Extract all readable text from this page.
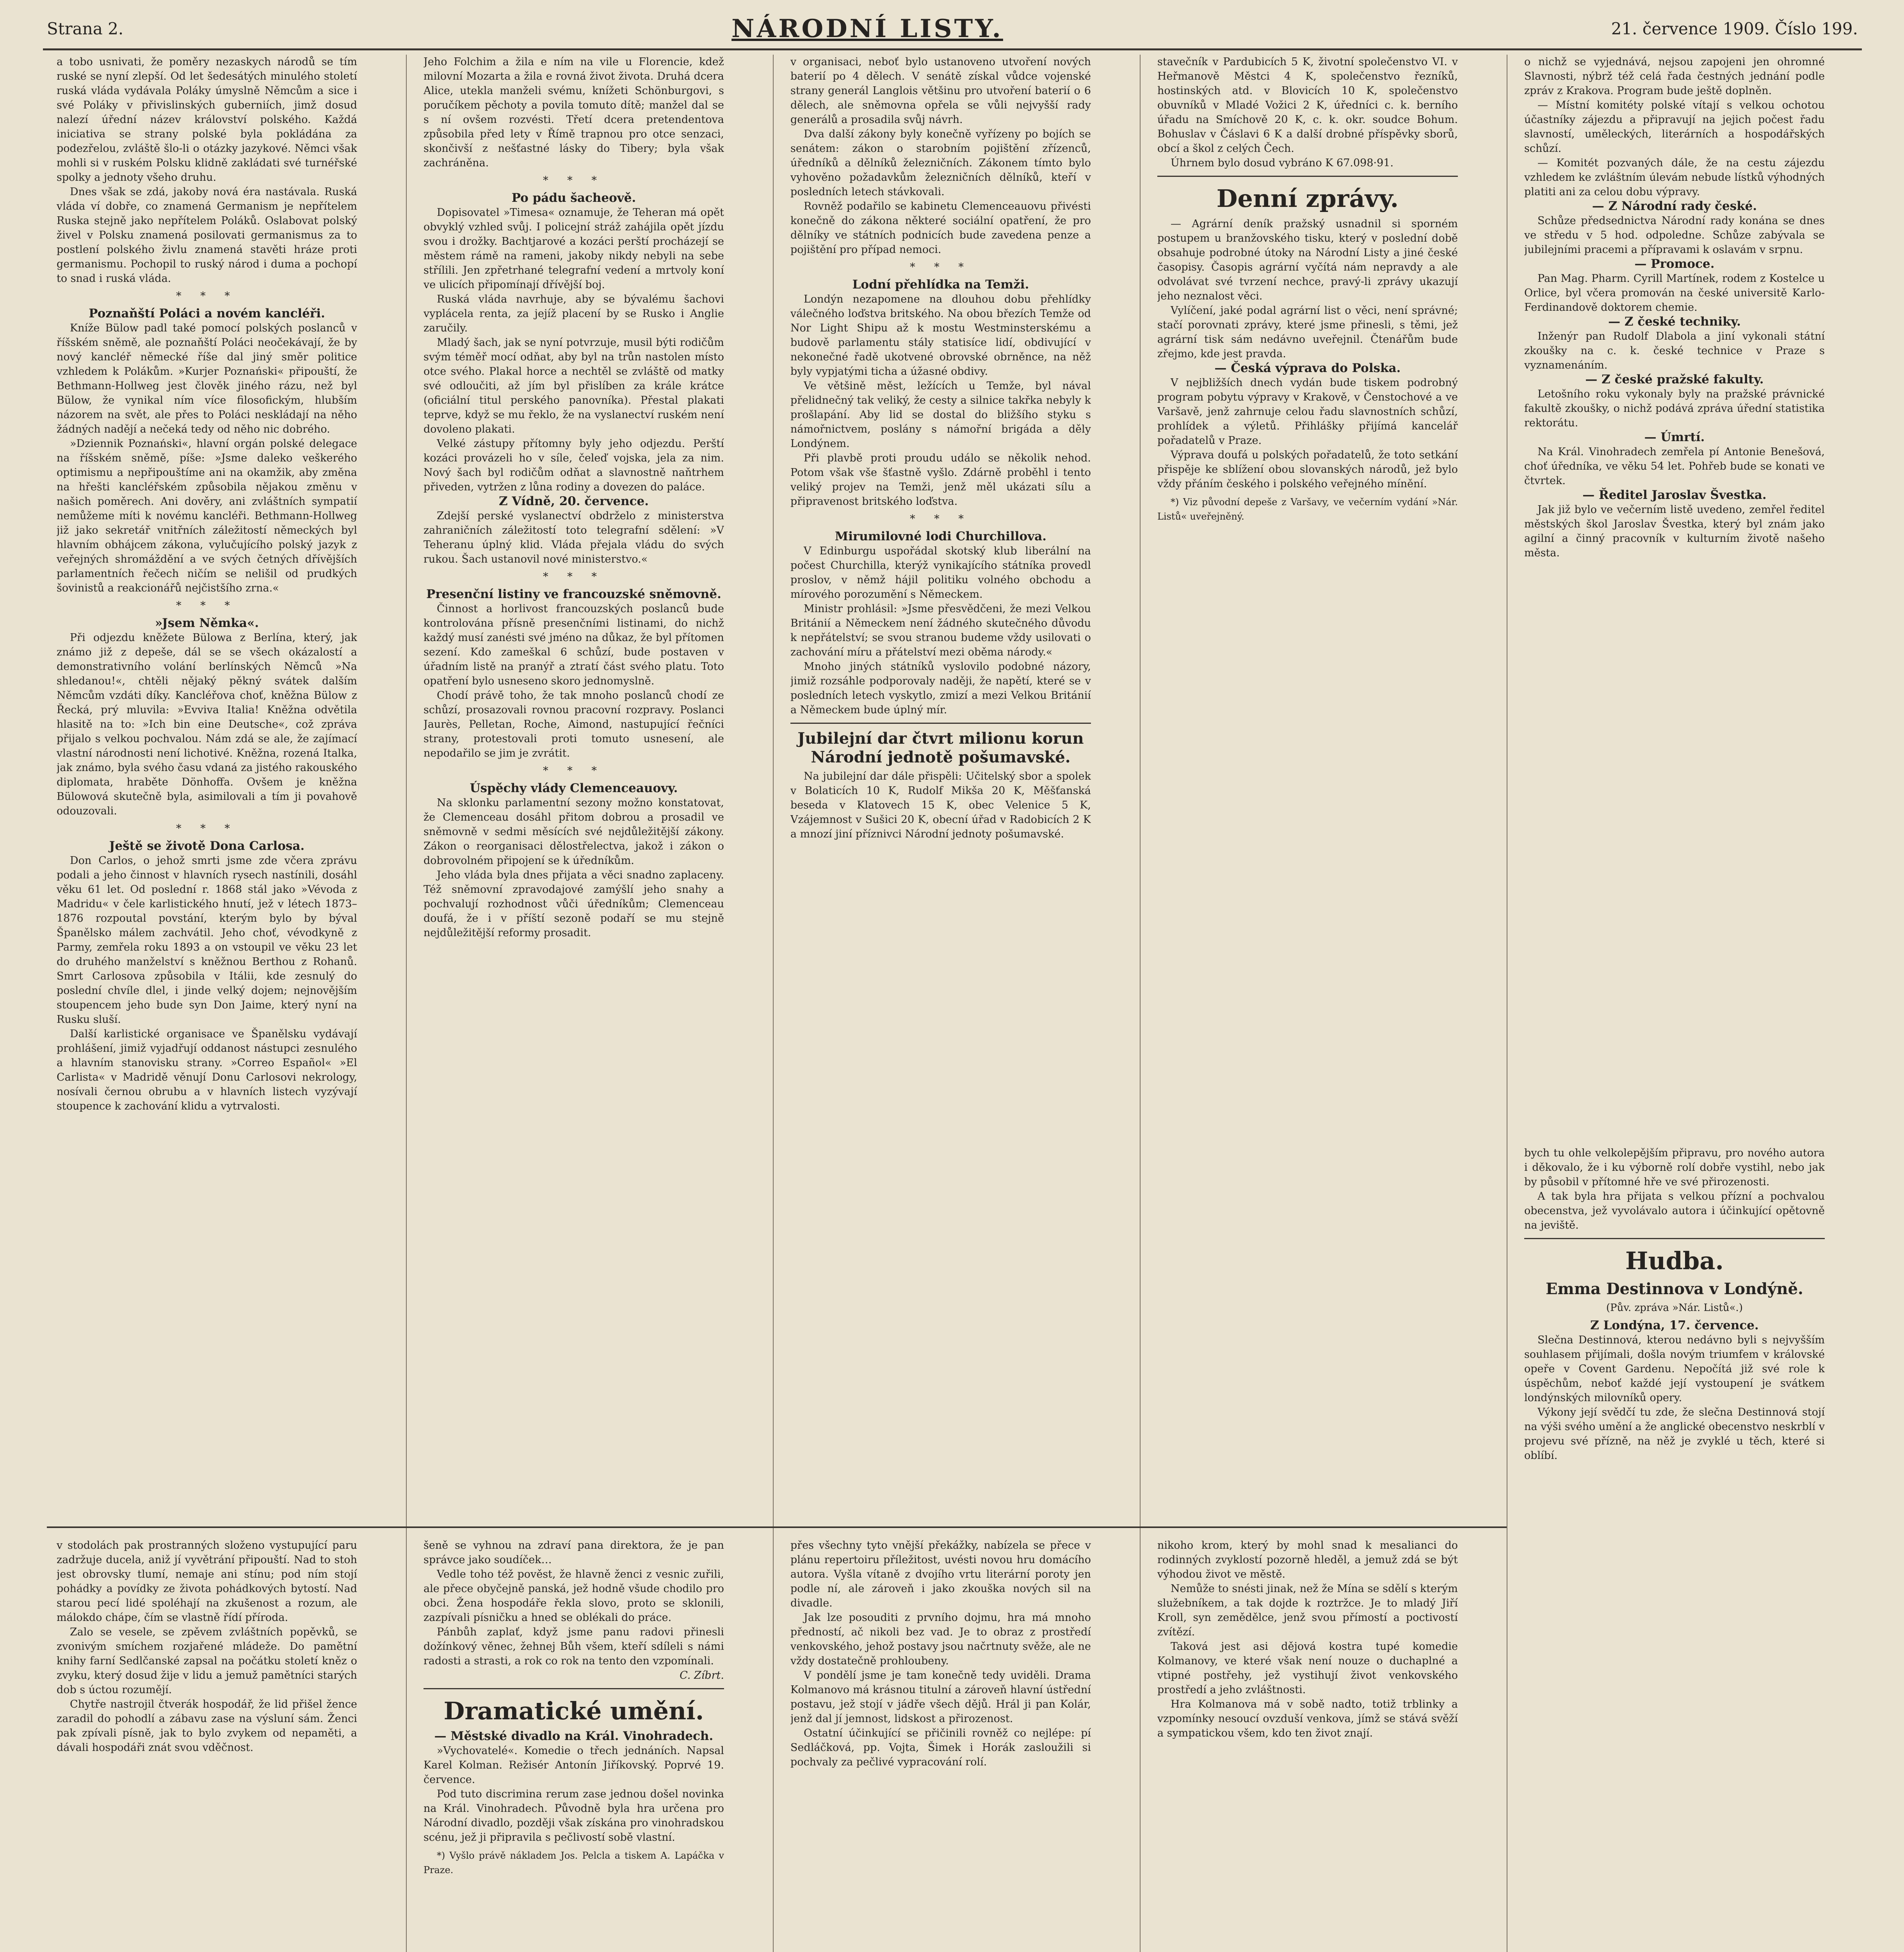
Strana 2.	NÁRODNÍ LISTY.	21. července 1909. Číslo 199.

a tobo usnivati, že poměry nezaskych národů se tím ruské se nyní zlepší. Od let šedesátých minulého století ruská vláda vydávala Poláky úmyslně Němcům a sice i své Poláky v přivislinských guberniích, jimž dosud nalezí úřední název království polského. Každá iniciativa se strany polské byla pokládána za podezřelou, zvláště šlo-li o otázky jazykové. Němci však mohli si v ruském Polsku klidně zakládati své turnéřské spolky a jednoty všeho druhu.

Dnes však se zdá, jakoby nová éra nastávala. Ruská vláda ví dobře, co znamená Germanism je nepřítelem Ruska stejně jako nepřítelem Poláků. Oslabovat polský živel v Polsku znamená posilovati germanismus za to postlení polského živlu znamená stavěti hráze proti germanismu. Pochopil to ruský národ i duma a pochopí to snad i ruská vláda.

* * *

Poznaňští Poláci a novém kancléři.

Kníže Bülow padl také pomocí polských poslanců v říšském sněmě, ale poznaňští Poláci neočekávají, že by nový kancléř německé říše dal jiný směr politice vzhledem k Polákům. »Kurjer Poznański« připouští, že Bethmann-Hollweg jest člověk jiného rázu, než byl Bülow, že vynikal ním více filosofickým, hlubším názorem na svět, ale přes to Poláci neskládají na něho žádných nadějí a nečeká tedy od něho nic dobrého.

»Dziennik Poznański«, hlavní orgán polské delegace na říšském sněmě, píše: »Jsme daleko veškerého optimismu a nepřipouštíme ani na okamžik, aby změna na hřešti kancléřském způsobila nějakou změnu v našich poměrech. Ani dověry, ani zvláštních sympatií nemůžeme míti k novému kancléři. Bethmann-Hollweg již jako sekretář vnitřních záležitostí německých byl hlavním obhájcem zákona, vylučujícího polský jazyk z veřejných shromáždění a ve svých četných dřívějších parlamentních řečech ničím se nelišil od prudkých šovinistů a reakcionářů nejčistšího zrna.«

* * *

»Jsem Němka«.

Při odjezdu kněžete Bülowa z Berlína, který, jak známo již z depeše, dál se se všech okázalostí a demonstrativního volání berlínských Němců »Na shledanou!«, chtěli nějaký pěkný svátek dalším Němcům vzdáti díky. Kancléřova choť, kněžna Bülow z Řecká, prý mluvila: »Evviva Italia! Kněžna odvětila hlasitě na to: »Ich bin eine Deutsche«, což zpráva přijalo s velkou pochvalou. Nám zdá se ale, že zajímací vlastní národnosti není lichotivé. Kněžna, rozená Italka, jak známo, byla svého času vdaná za jistého rakouského diplomata, hraběte Dönhoffa. Ovšem je kněžna Bülowová skutečně byla, asimilovali a tím ji povahově odouzovali.

* * *

Ještě se životě Dona Carlosa.

Don Carlos, o jehož smrti jsme zde včera zprávu podali a jeho činnost v hlavních rysech nastínili, dosáhl věku 61 let. Od poslední r. 1868 stál jako »Vévoda z Madridu« v čele karlistického hnutí, jež v létech 1873–1876 rozpoutal povstání, kterým bylo by býval Španělsko málem zachvátil. Jeho choť, vévodkyně z Parmy, zemřela roku 1893 a on vstoupil ve věku 23 let do druhého manželství s kněžnou Berthou z Rohanů. Smrt Carlosova způsobila v Itálii, kde zesnulý do poslední chvíle dlel, i jinde velký dojem; nejnovějším stoupencem jeho bude syn Don Jaime, který nyní na Rusku sluší.

Další karlistické organisace ve Španělsku vydávají prohlášení, jimiž vyjadřují oddanost nástupci zesnulého a hlavním stanovisku strany. »Correo Español« »El Carlista« v Madridě věnují Donu Carlosovi nekrology, nosívali černou obrubu a v hlavních listech vyzývají stoupence k zachování klidu a vytrvalosti.

Jeho Folchim a žila e ním na vile u Florencie, kdež milovní Mozarta a žila e rovná život života. Druhá dcera Alice, utekla manželi svému, knížeti Schönburgovi, s poručíkem pěchoty a povila tomuto dítě; manžel dal se s ní ovšem rozvésti. Třetí dcera pretendentova způsobila před lety v Římě trapnou pro otce senzaci, skončivší z nešťastné lásky do Tibery; byla však zachráněna.

* * *

Po pádu šacheově.

Dopisovatel »Timesa« oznamuje, že Teheran má opět obvyklý vzhled svůj. I policejní stráž zahájila opět jízdu svou i drožky. Bachtjarové a kozáci perští procházejí se městem rámě na rameni, jakoby nikdy nebyli na sebe střílili. Jen zpřetrhané telegrafní vedení a mrtvoly koní ve ulicích připomínají dřívější boj.

Ruská vláda navrhuje, aby se bývalému šachovi vyplácela renta, za jejíž placení by se Rusko i Anglie zaručily.

Mladý šach, jak se nyní potvrzuje, musil býti rodičům svým téměř mocí odňat, aby byl na trůn nastolen místo otce svého. Plakal horce a nechtěl se zvláště od matky své odloučiti, až jím byl přislíben za krále krátce (oficiální titul perského panovníka). Přestal plakati teprve, když se mu řeklo, že na vyslanectví ruském není dovoleno plakati.

Velké zástupy přítomny byly jeho odjezdu. Perští kozáci provázeli ho v síle, čeleď vojska, jela za nim. Nový šach byl rodičům odňat a slavnostně naňtrhem přiveden, vytržen z lůna rodiny a dovezen do paláce.

Z Vídně, 20. července.

Zdejší perské vyslanectví obdrželo z ministerstva zahraničních záležitostí toto telegrafní sdělení: »V Teheranu úplný klid. Vláda přejala vládu do svých rukou. Šach ustanovil nové ministerstvo.«

* * *

Presenční listiny ve francouzské sněmovně.

Činnost a horlivost francouzských poslanců bude kontrolována přísně presenčními listinami, do nichž každý musí zanésti své jméno na důkaz, že byl přítomen sezení. Kdo zameškal 6 schůzí, bude postaven v úřadním listě na pranýř a ztratí část svého platu. Toto opatření bylo usneseno skoro jednomyslně.

Chodí právě toho, že tak mnoho poslanců chodí ze schůzí, prosazovali rovnou pracovní rozpravy. Poslanci Jaurès, Pelletan, Roche, Aimond, nastupující řečníci strany, protestovali proti tomuto usnesení, ale nepodařilo se jim je zvrátit.

* * *

Úspěchy vlády Clemenceauovy.

Na sklonku parlamentní sezony možno konstatovat, že Clemenceau dosáhl přitom dobrou a prosadil ve sněmovně v sedmi měsících své nejdůležitější zákony. Zákon o reorganisaci dělostřelectva, jakož i zákon o dobrovolném připojení se k úředníkům.

Jeho vláda byla dnes přijata a věci snadno zaplaceny. Též sněmovní zpravodajové zamýšlí jeho snahy a pochvalují rozhodnost vůči úředníkům; Clemenceau doufá, že i v příští sezoně podaří se mu stejně nejdůležitější reformy prosadit.

v organisaci, neboť bylo ustanoveno utvoření nových baterií po 4 dělech. V senátě získal vůdce vojenské strany generál Langlois většinu pro utvoření baterií o 6 dělech, ale sněmovna opřela se vůli nejvyšší rady generálů a prosadila svůj návrh.

Dva další zákony byly konečně vyřízeny po bojích se senátem: zákon o starobním pojištění zřízenců, úředníků a dělníků železničních. Zákonem tímto bylo vyhověno požadavkům železničních dělníků, kteří v posledních letech stávkovali.

Rovněž podařilo se kabinetu Clemenceauovu přivésti konečně do zákona některé sociální opatření, že pro dělníky ve státních podnicích bude zavedena penze a pojištění pro případ nemoci.

* * *

Lodní přehlídka na Temži.

Londýn nezapomene na dlouhou dobu přehlídky válečného loďstva britského. Na obou březích Temže od Nor Light Shipu až k mostu Westminsterskému a budově parlamentu stály statisíce lidí, obdivující v nekonečné řadě ukotvené obrovské obrněnce, na něž byly vypjatými ticha a úžasné obdivy.

Ve většině měst, ležících u Temže, byl nával přelidnečný tak veliký, že cesty a silnice takřka nebyly k prošlapání. Aby lid se dostal do bližšího styku s námořnictvem, poslány s námořní brigáda a děly Londýnem.

Při plavbě proti proudu událo se několik nehod. Potom však vše šťastně vyšlo. Zdárně proběhl i tento veliký projev na Temži, jenž měl ukázati sílu a připravenost britského loďstva.

* * *

Mirumilovné lodi Churchillova.

V Edinburgu uspořádal skotský klub liberální na počest Churchilla, kterýž vynikajícího státníka provedl proslov, v němž hájil politiku volného obchodu a mírového porozumění s Německem.

Ministr prohlásil: »Jsme přesvědčeni, že mezi Velkou Británií a Německem není žádného skutečného důvodu k nepřátelství; se svou stranou budeme vždy usilovati o zachování míru a přátelství mezi oběma národy.«

Mnoho jiných státníků vyslovilo podobné názory, jimiž rozsáhle podporovaly naději, že napětí, které se v posledních letech vyskytlo, zmizí a mezi Velkou Británií a Německem bude úplný mír.

Jubilejní dar čtvrt milionu korun Národní jednotě pošumavské.

Na jubilejní dar dále přispěli: Učitelský sbor a spolek v Bolaticích 10 K, Rudolf Mikša 20 K, Měšťanská beseda v Klatovech 15 K, obec Velenice 5 K, Vzájemnost v Sušici 20 K, obecní úřad v Radobicích 2 K a mnozí jiní příznivci Národní jednoty pošumavské.

stavečník v Pardubicích 5 K, životní společenstvo VI. v Heřmanově Městci 4 K, společenstvo řezníků, hostinských atd. v Blovicích 10 K, společenstvo obuvníků v Mladé Vožici 2 K, úředníci c. k. berního úřadu na Smíchově 20 K, c. k. okr. soudce Bohum. Bohuslav v Čáslavi 6 K a další drobné příspěvky sborů, obcí a škol z celých Čech.

Úhrnem bylo dosud vybráno K 67.098·91.

Denní zprávy.

— Agrární deník pražský usnadnil si sporném postupem u branžovského tisku, který v poslední době obsahuje podrobné útoky na Národní Listy a jiné české časopisy. Časopis agrární vyčítá nám nepravdy a ale odvolávat své tvrzení nechce, pravý-li zprávy ukazují jeho neznalost věci.

Vylíčení, jaké podal agrární list o věci, není správné; stačí porovnati zprávy, které jsme přinesli, s těmi, jež agrární tisk sám nedávno uveřejnil. Čtenářům bude zřejmo, kde jest pravda.

— Česká výprava do Polska.

V nejbližších dnech vydán bude tiskem podrobný program pobytu výpravy v Krakově, v Čenstochové a ve Varšavě, jenž zahrnuje celou řadu slavnostních schůzí, prohlídek a výletů. Přihlášky přijímá kancelář pořadatelů v Praze.

Výprava doufá u polských pořadatelů, že toto setkání přispěje ke sblížení obou slovanských národů, jež bylo vždy přáním českého i polského veřejného mínění.

*) Viz původní depeše z Varšavy, ve večerním vydání »Nár. Listů« uveřejněný.

o nichž se vyjednává, nejsou zapojeni jen ohromné Slavnosti, nýbrž též celá řada čestných jednání podle zpráv z Krakova. Program bude ještě doplněn.

— Místní komitéty polské vítají s velkou ochotou účastníky zájezdu a připravují na jejich počest řadu slavností, uměleckých, literárních a hospodářských schůzí.

— Komitét pozvaných dále, že na cestu zájezdu vzhledem ke zvláštním úlevám nebude lístků výhodných platiti ani za celou dobu výpravy.

— Z Národní rady české.

Schůze předsednictva Národní rady konána se dnes ve středu v 5 hod. odpoledne. Schůze zabývala se jubilejními pracemi a přípravami k oslavám v srpnu.

— Promoce.

Pan Mag. Pharm. Cyrill Martínek, rodem z Kostelce u Orlice, byl včera promován na české universitě Karlo-Ferdinandově doktorem chemie.

— Z české techniky.

Inženýr pan Rudolf Dlabola a jiní vykonali státní zkoušky na c. k. české technice v Praze s vyznamenáním.

— Z české pražské fakulty.

Letošního roku vykonaly byly na pražské právnické fakultě zkoušky, o nichž podává zpráva úřední statistika rektorátu.

— Úmrtí.

Na Král. Vinohradech zemřela pí Antonie Benešová, choť úředníka, ve věku 54 let. Pohřeb bude se konati ve čtvrtek.

— Ředitel Jaroslav Švestka.

Jak již bylo ve večerním listě uvedeno, zemřel ředitel městských škol Jaroslav Švestka, který byl znám jako agilní a činný pracovník v kulturním životě našeho města.

bych tu ohle velkolepějším připravu, pro nového autora i děkovalo, že i ku výborně rolí dobře vystihl, nebo jak by působil v přítomné hře ve své přirozenosti.

A tak byla hra přijata s velkou přízní a pochvalou obecenstva, jež vyvolávalo autora i účinkující opětovně na jeviště.

Hudba.
Emma Destinnova v Londýně.
(Pův. zpráva »Nár. Listů«.)

Z Londýna, 17. července.

Slečna Destinnová, kterou nedávno byli s nejvyšším souhlasem přijímali, došla novým triumfem v královské opeře v Covent Gardenu. Nepočítá již své role k úspěchům, neboť každé její vystoupení je svátkem londýnských milovníků opery.

Výkony její svědčí tu zde, že slečna Destinnová stojí na výši svého umění a že anglické obecenstvo neskrblí v projevu své přízně, na něž je zvyklé u těch, které si oblíbí.

v stodolách pak prostranných složeno vystupující paru zadržuje ducela, aniž jí vyvětrání připouští. Nad to stoh jest obrovsky tlumí, nemaje ani stínu; pod ním stojí pohádky a povídky ze života pohádkových bytostí. Nad starou pecí lidé spoléhají na zkušenost a rozum, ale málokdo chápe, čím se vlastně řídí příroda.

Zalo se vesele, se zpěvem zvláštních popěvků, se zvonivým smíchem rozjařené mládeže. Do pamětní knihy farní Sedlčanské zapsal na počátku století kněz o zvyku, který dosud žije v lidu a jemuž pamětníci starých dob s úctou rozumějí.

Chytře nastrojil čtverák hospodář, že lid přišel žence zaradil do pohodlí a zábavu zase na výsluní sám. Ženci pak zpívali písně, jak to bylo zvykem od nepaměti, a dávali hospodáři znát svou vděčnost.

šeně se vyhnou na zdraví pana direktora, že je pan správce jako soudíček…

Vedle toho též pověst, že hlavně ženci z vesnic zuřili, ale přece obyčejně panská, jež hodně všude chodilo pro obci. Žena hospodáře řekla slovo, proto se sklonili, zazpívali písničku a hned se oblékali do práce.

Pánbůh zaplať, když jsme panu radovi přinesli dožínkový věnec, žehnej Bůh všem, kteří sdíleli s námi radosti a strasti, a rok co rok na tento den vzpomínali.

C. Zíbrt.

Dramatické umění.

— Městské divadlo na Král. Vinohradech.

»Vychovatelé«. Komedie o třech jednáních. Napsal Karel Kolman. Režisér Antonín Jiříkovský. Poprvé 19. července.

Pod tuto discrimina rerum zase jednou došel novinka na Král. Vinohradech. Původně byla hra určena pro Národní divadlo, později však získána pro vinohradskou scénu, jež ji připravila s pečlivostí sobě vlastní.

*) Vyšlo právě nákladem Jos. Pelcla a tiskem A. Lapáčka v Praze.

přes všechny tyto vnější překážky, nabízela se přece v plánu repertoiru příležitost, uvésti novou hru domácího autora. Vyšla vítaně z dvojího vrtu literární poroty jen podle ní, ale zároveň i jako zkouška nových sil na divadle.

Jak lze posouditi z prvního dojmu, hra má mnoho předností, ač nikoli bez vad. Je to obraz z prostředí venkovského, jehož postavy jsou načrtnuty svěže, ale ne vždy dostatečně prohloubeny.

V pondělí jsme je tam konečně tedy uviděli. Drama Kolmanovo má krásnou titulní a zároveň hlavní ústřední postavu, jež stojí v jádře všech dějů. Hrál ji pan Kolár, jenž dal jí jemnost, lidskost a přirozenost.

Ostatní účinkující se přičinili rovněž co nejlépe: pí Sedláčková, pp. Vojta, Šimek i Horák zasloužili si pochvaly za pečlivé vypracování rolí.

nikoho krom, který by mohl snad k mesalianci do rodinných zvyklostí pozorně hleděl, a jemuž zdá se být výhodou život ve městě.

Nemůže to snésti jinak, než že Mína se sdělí s kterým služebníkem, a tak dojde k roztržce. Je to mladý Jiří Kroll, syn zemědělce, jenž svou přímostí a poctivostí zvítězí.

Taková jest asi dějová kostra tupé komedie Kolmanovy, ve které však není nouze o duchaplné a vtipné postřehy, jež vystihují život venkovského prostředí a jeho zvláštnosti.

Hra Kolmanova má v sobě nadto, totiž trblinky a vzpomínky nesoucí ovzduší venkova, jímž se stává svěží a sympatickou všem, kdo ten život znají.
